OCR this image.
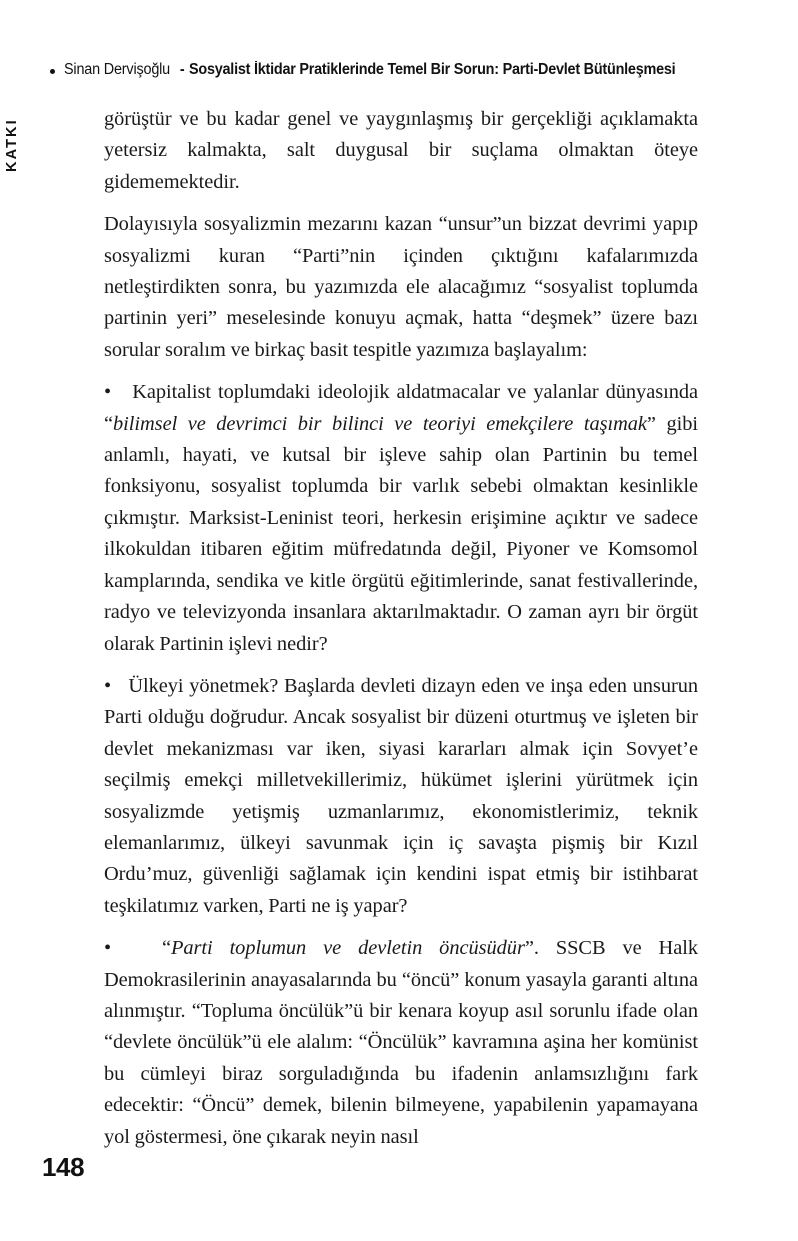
Sinan Dervişoğlu - Sosyalist İktidar Pratiklerinde Temel Bir Sorun: Parti-Devlet Bütünleşmesi
KATKI	görüştür ve bu kadar genel ve yaygınlaşmış bir gerçekliği açıklamakta yetersiz kalmakta, salt duygusal bir suçlama olmaktan öteye gidememektedir.

Dolayısıyla sosyalizmin mezarını kazan “unsur”un bizzat devrimi yapıp sosyalizmi kuran “Parti”nin içinden çıktığını kafalarımızda netleştirdikten sonra, bu yazımızda ele alacağımız “sosyalist toplumda partinin yeri” meselesinde konuyu açmak, hatta “deşmek” üzere bazı sorular soralım ve birkaç basit tespitle yazımıza başlayalım:

•   Kapitalist toplumdaki ideolojik aldatmacalar ve yalanlar dünyasında “bilimsel ve devrimci bir bilinci ve teoriyi emekçilere taşımak” gibi anlamlı, hayati, ve kutsal bir işleve sahip olan Partinin bu temel fonksiyonu, sosyalist toplumda bir varlık sebebi olmaktan kesinlikle çıkmıştır. Marksist-Leninist teori, herkesin erişimine açıktır ve sadece ilkokuldan itibaren eğitim müfredatında değil, Piyoner ve Komsomol kamplarında, sendika ve kitle örgütü eğitimlerinde, sanat festivallerinde, radyo ve televizyonda insanlara aktarılmaktadır. O zaman ayrı bir örgüt olarak Partinin işlevi nedir?

•   Ülkeyi yönetmek? Başlarda devleti dizayn eden ve inşa eden unsurun Parti olduğu doğrudur. Ancak sosyalist bir düzeni oturtmuş ve işleten bir devlet mekanizması var iken, siyasi kararları almak için Sovyet’e seçilmiş emekçi milletvekillerimiz, hükümet işlerini yürütmek için sosyalizmde yetişmiş uzmanlarımız, ekonomistlerimiz, teknik elemanlarımız, ülkeyi savunmak için iç savaşta pişmiş bir Kızıl Ordu’muz, güvenliği sağlamak için kendini ispat etmiş bir istihbarat teşkilatımız varken, Parti ne iş yapar?

•   “Parti toplumun ve devletin öncüsüdür”. SSCB ve Halk Demokrasilerinin anayasalarında bu “öncü” konum yasayla garanti altına alınmıştır. “Topluma öncülük”ü bir kenara koyup asıl sorunlu ifade olan “devlete öncülük”ü ele alalım: “Öncülük” kavramına aşina her komünist bu cümleyi biraz sorguladığında bu ifadenin anlamsızlığını fark edecektir: “Öncü” demek, bilenin bilmeyene, yapabilenin yapamayana yol göstermesi, öne çıkarak neyin nasıl

148
